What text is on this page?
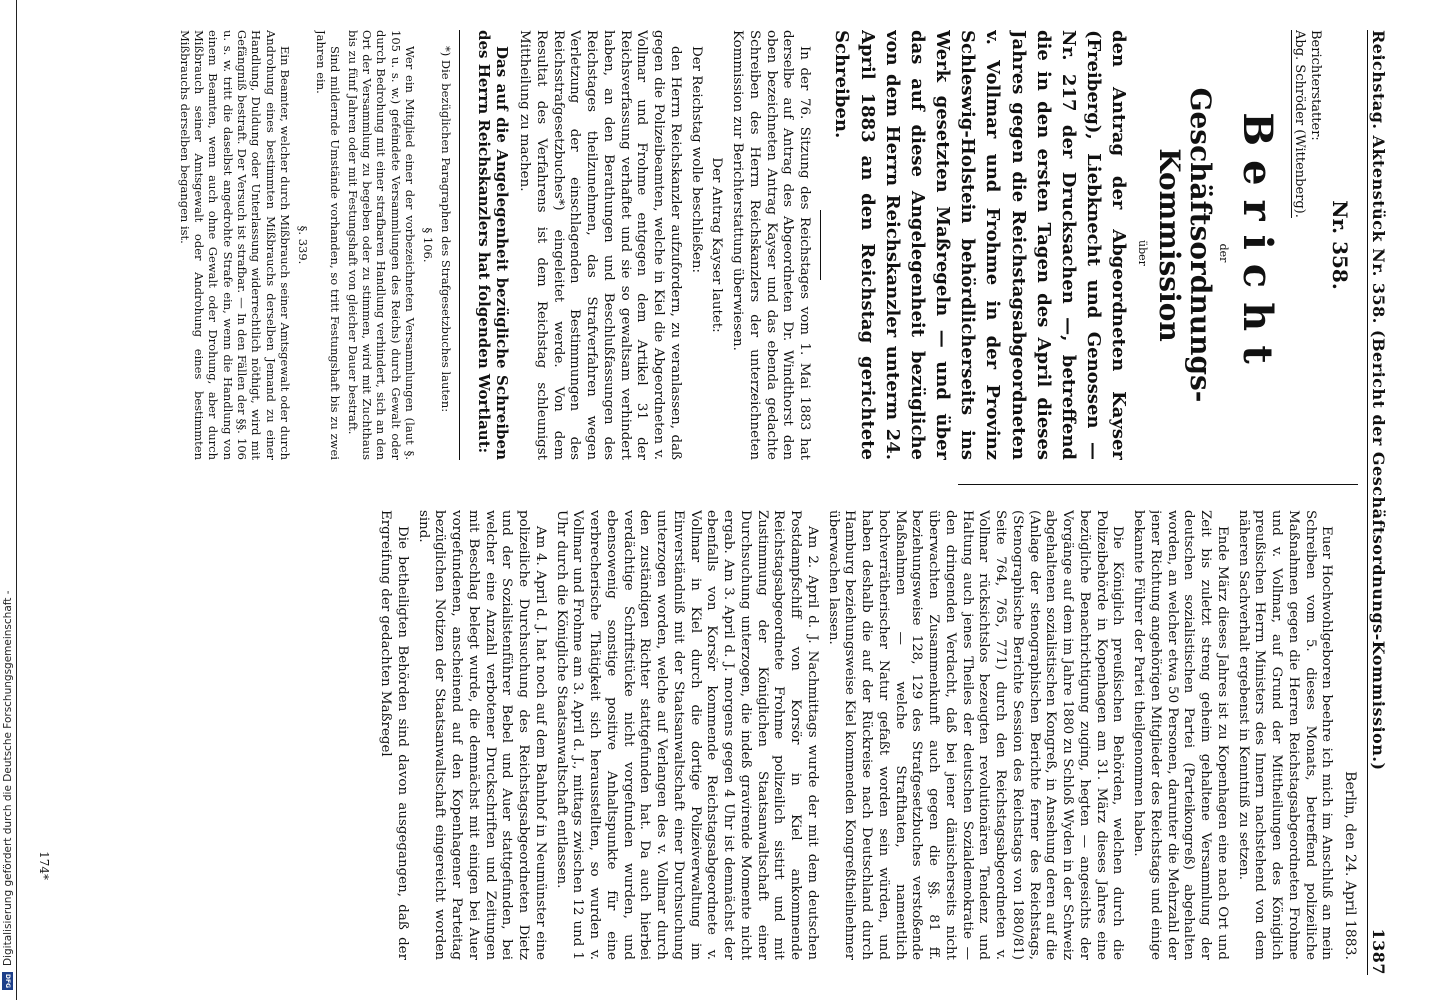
Digitalisierung gefördert durch die Deutsche Forschungsgemeinschaft -
DFG
Reichstag. Aktenstück Nr. 358. (Bericht der Geschäftsordnungs-Kommission.)
1387
Nr. 358.

Berichterstatter:

Abg. Schröder (Wittenberg).

Bericht

der

Geschäftsordnungs-Kommission

über

den Antrag der Abgeordneten Kayser (Freiberg), Liebknecht und Genossen — Nr. 217 der Drucksachen —, betreffend die in den ersten Tagen des April dieses Jahres gegen die Reichstagsabgeordneten v. Vollmar und Frohme in der Provinz Schleswig-Holstein behördlicherseits ins Werk gesetzten Maßregeln — und über das auf diese Angelegenheit bezügliche von dem Herrn Reichskanzler unterm 24. April 1883 an den Reichstag gerichtete Schreiben.

In der 76. Sitzung des Reichstages vom 1. Mai 1883 hat derselbe auf Antrag des Abgeordneten Dr. Windthorst den oben bezeichneten Antrag Kayser und das ebenda gedachte Schreiben des Herrn Reichskanzlers der unterzeichneten Kommission zur Berichterstattung überwiesen.

Der Antrag Kayser lautet:

Der Reichstag wolle beschließen:

den Herrn Reichskanzler aufzufordern, zu veranlassen, daß gegen die Polizeibeamten, welche in Kiel die Abgeordneten v. Vollmar und Frohme entgegen dem Artikel 31 der Reichsverfassung verhaftet und sie so gewaltsam verhindert haben, an den Berathungen und Beschlußfassungen des Reichstages theilzunehmen, das Strafverfahren wegen Verletzung der einschlagenden Bestimmungen des Reichsstrafgesetzbuches*) eingeleitet werde. Von dem Resultat des Verfahrens ist dem Reichstag schleunigst Mittheilung zu machen.

Das auf die Angelegenheit bezügliche Schreiben des Herrn Reichskanzlers hat folgenden Wortlaut:

*) Die bezüglichen Paragraphen des Strafgesetzbuches lauten:

§ 106.

Wer ein Mitglied einer der vorbezeichneten Versammlungen (laut §. 105 u. s. w.) gefeindete Versammlungen des Reichs) durch Gewalt oder durch Bedrohung mit einer strafbaren Handlung verhindert, sich an den Ort der Versammlung zu begeben oder zu stimmen, wird mit Zuchthaus bis zu fünf Jahren oder mit Festungshaft von gleicher Dauer bestraft.

Sind mildernde Umstände vorhanden, so tritt Festungshaft bis zu zwei Jahren ein.

§. 339.

Ein Beamter, welcher durch Mißbrauch seiner Amtsgewalt oder durch Androhung eines bestimmten Mißbrauchs derselben Jemand zu einer Handlung, Duldung oder Unterlassung widerrechtlich nöthigt, wird mit Gefängniß bestraft. Der Versuch ist strafbar. — In den Fällen der §§. 106 u. s. w. tritt die daselbst angedrohte Strafe ein, wenn die Handlung von einem Beamten, wenn auch ohne Gewalt oder Drohung, aber durch Mißbrauch seiner Amtsgewalt oder Androhung eines bestimmten Mißbrauchs derselben begangen ist.

Berlin, den 24. April 1883.

Euer Hochwohlgeboren beehre ich mich im Anschluß an mein Schreiben vom 5. dieses Monats, betreffend polizeiliche Maßnahmen gegen die Herren Reichstagsabgeordneten Frohme und v. Vollmar, auf Grund der Mittheilungen des Königlich preußischen Herrn Ministers des Innern nachstehend von dem näheren Sachverhalt ergebenst in Kenntniß zu setzen.

Ende März dieses Jahres ist zu Kopenhagen eine nach Ort und Zeit bis zuletzt streng geheim gehaltene Versammlung der deutschen sozialistischen Partei (Parteikongreß) abgehalten worden, an welcher etwa 50 Personen, darunter die Mehrzahl der jener Richtung angehörigen Mitglieder des Reichstags und einige bekannte Führer der Partei theilgenommen haben.

Die Königlich preußischen Behörden, welchen durch die Polizeibehörde in Kopenhagen am 31. März dieses Jahres eine bezügliche Benachrichtigung zuging, hegten — angesichts der Vorgänge auf dem im Jahre 1880 zu Schloß Wyden in der Schweiz abgehaltenen sozialistischen Kongreß, in Ansehung deren auf die (Anlage der stenographischen Berichte ferner des Reichstags, (Stenographische Berichte Session des Reichstags von 1880/81) Seite 764, 765, 771) durch den Reichstagsabgeordneten v. Vollmar rücksichtslos bezeugten revolutionären Tendenz und Haltung auch jenes Theiles der deutschen Sozialdemokratie — den dringenden Verdacht, daß bei jener dänischerseits nicht überwachten Zusammenkunft auch gegen die §§. 81 ff. beziehungsweise 128, 129 des Strafgesetzbuches verstoßende Maßnahmen — welche Strafthaten, namentlich hochverrätherischer Natur gefaßt worden sein würden, und haben deshalb die auf der Rückreise nach Deutschland durch Hamburg beziehungsweise Kiel kommenden Kongreßtheilnehmer überwachen lassen.

Am 2. April d. J. Nachmittags wurde der mit dem deutschen Postdampfschiff von Korsör in Kiel ankommende Reichstagsabgeordnete Frohme polizeilich sistirt und mit Zustimmung der Königlichen Staatsanwaltschaft einer Durchsuchung unterzogen, die indeß gravirende Momente nicht ergab. Am 3. April d. J. morgens gegen 4 Uhr ist demnächst der ebenfalls von Korsör kommende Reichstagsabgeordnete v. Vollmar in Kiel durch die dortige Polizeiverwaltung im Einverständniß mit der Staatsanwaltschaft einer Durchsuchung unterzogen worden, welche auf Verlangen des v. Vollmar durch den zuständigen Richter stattgefunden hat. Da auch hierbei verdächtige Schriftstücke nicht vorgefunden wurden, und ebensowenig sonstige positive Anhaltspunkte für eine verbrecherische Thätigkeit sich herausstellten, so wurden v. Vollmar und Frohme am 3. April d. J., mittags zwischen 12 und 1 Uhr durch die Königliche Staatsanwaltschaft entlassen.

Am 4. April d. J. hat noch auf dem Bahnhof in Neumünster eine polizeiliche Durchsuchung des Reichstagsabgeordneten Dietz und der Sozialistenführer Bebel und Auer stattgefunden, bei welcher eine Anzahl verbotener Druckschriften und Zeitungen mit Beschlag belegt wurde, die demnächst mit einigen bei Auer vorgefundenen, anscheinend auf den Kopenhagener Parteitag bezüglichen Notizen der Staatsanwaltschaft eingereicht worden sind.

Die betheiligten Behörden sind davon ausgegangen, daß der Ergreifung der gedachten Maßregel

174*
